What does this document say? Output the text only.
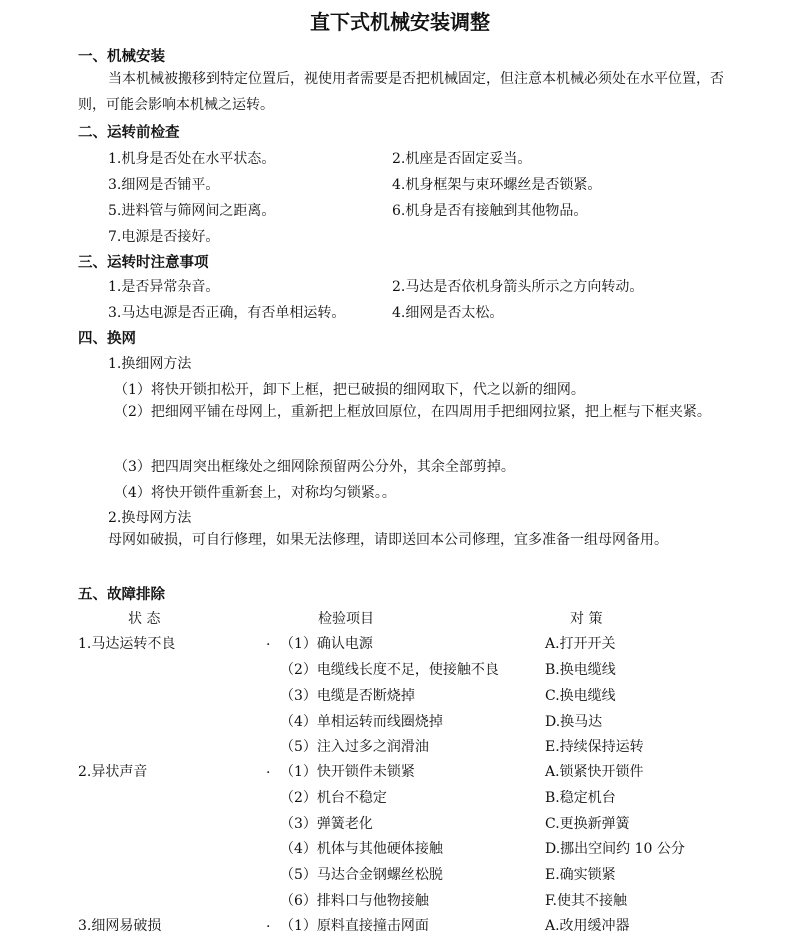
直下式机械安装调整
一、机械安装

当本机械被搬移到特定位置后，视使用者需要是否把机械固定，但注意本机械必须处在水平位置，否则，可能会影响本机械之运转。

二、运转前检查
1.机身是否处在水平状态。	2.机座是否固定妥当。
3.细网是否铺平。	4.机身框架与束环螺丝是否锁紧。
5.进料管与筛网间之距离。	6.机身是否有接触到其他物品。
7.电源是否接好。
三、运转时注意事项
1.是否异常杂音。	2.马达是否依机身箭头所示之方向转动。
3.马达电源是否正确，有否单相运转。	4.细网是否太松。
四、换网
1.换细网方法
（1）将快开锁扣松开，卸下上框，把已破损的细网取下，代之以新的细网。
（2）把细网平铺在母网上，重新把上框放回原位，在四周用手把细网拉紧，把上框与下框夹紧。
（3）把四周突出框缘处之细网除预留两公分外，其余全部剪掉。
（4）将快开锁件重新套上，对称均匀锁紧。。
2.换母网方法

母网如破损，可自行修理，如果无法修理，请即送回本公司修理，宜多准备一组母网备用。

五、故障排除
状 态	检验项目	对 策
1.马达运转不良	. （1）确认电源	A.打开开关
（2）电缆线长度不足，使接触不良	B.换电缆线
（3）电缆是否断烧掉	C.换电缆线
（4）单相运转而线圈烧掉	D.换马达
（5）注入过多之润滑油	E.持续保持运转
2.异状声音	. （1）快开锁件未锁紧	A.锁紧快开锁件
（2）机台不稳定	B.稳定机台
（3）弹簧老化	C.更换新弹簧
（4）机体与其他硬体接触	D.挪出空间约 10 公分
（5）马达合金钢螺丝松脱	E.确实锁紧
（6）排料口与他物接触	F.使其不接触
3.细网易破损	. （1）原料直接撞击网面	A.改用缓冲器
